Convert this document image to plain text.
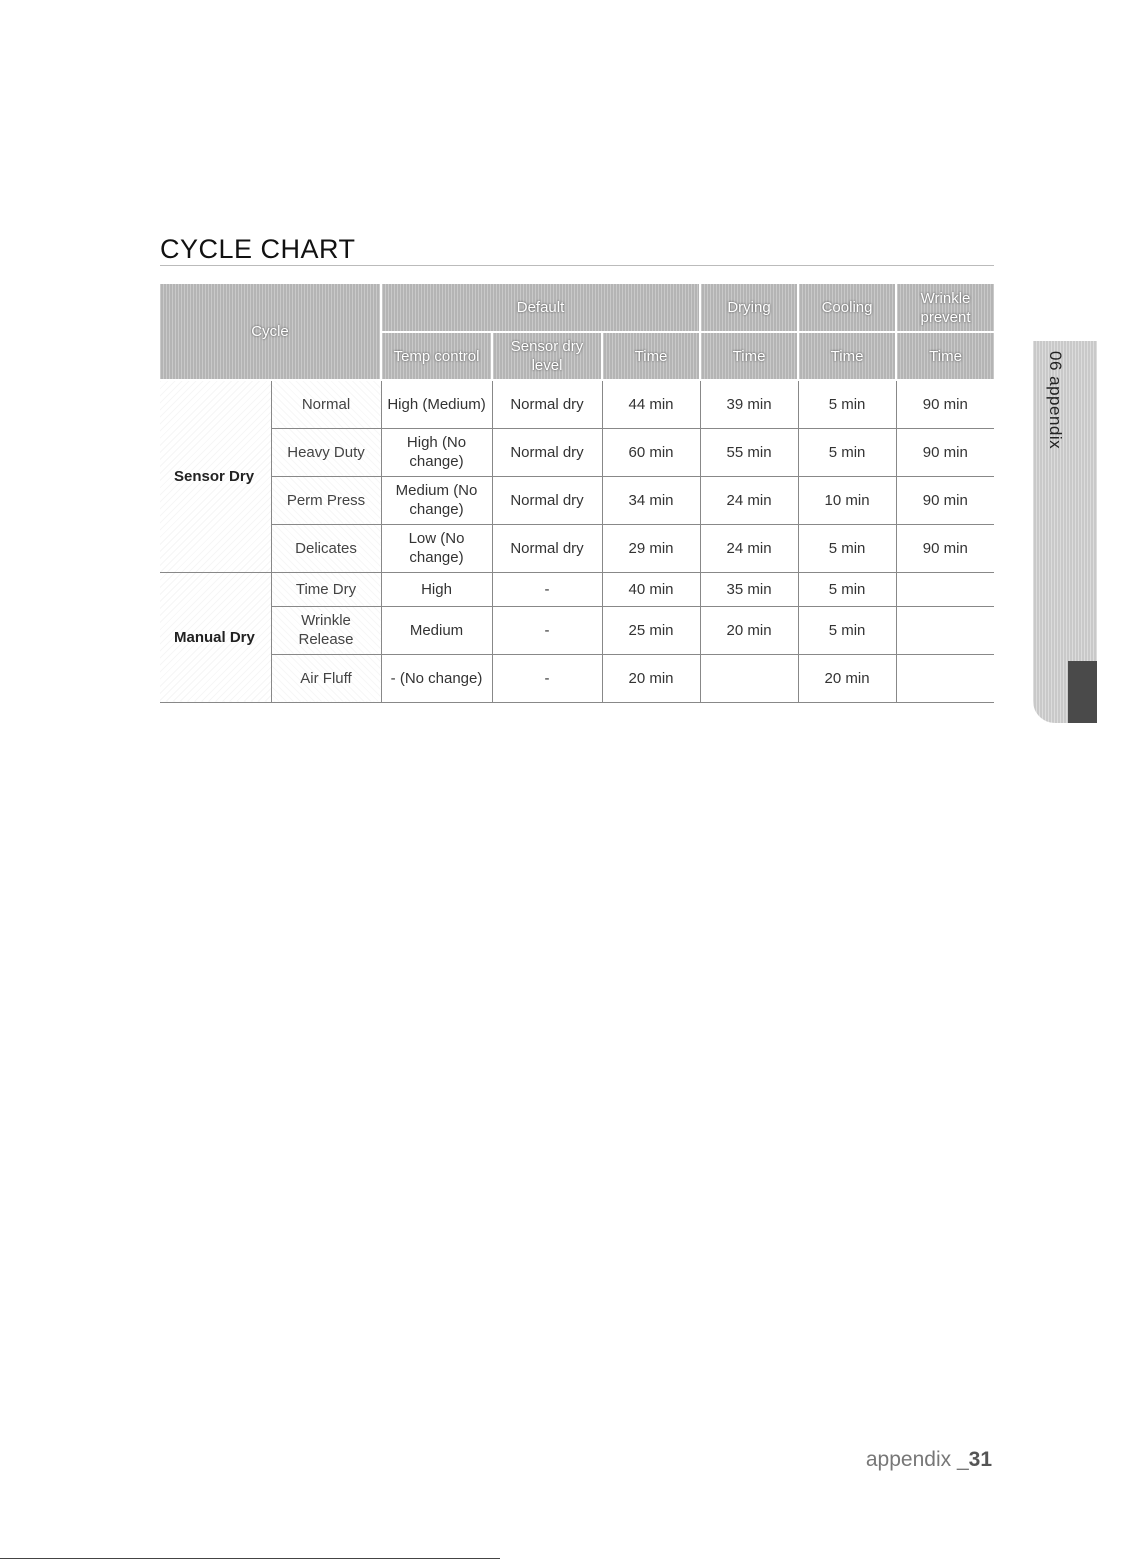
CYCLE CHART
Cycle		Default			Drying	Cooling	Wrinkle prevent
		Temp control	Sensor dry level	Time	Time	Time	Time
Sensor Dry	Normal	High (Medium)	Normal dry	44 min	39 min	5 min	90 min
	Heavy Duty	High (No change)	Normal dry	60 min	55 min	5 min	90 min
	Perm Press	Medium (No change)	Normal dry	34 min	24 min	10 min	90 min
	Delicates	Low (No change)	Normal dry	29 min	24 min	5 min	90 min
Manual Dry	Time Dry	High	-	40 min	35 min	5 min	
	Wrinkle Release	Medium	-	25 min	20 min	5 min	
	Air Fluff	- (No change)	-	20 min		20 min	
06 appendix
appendix _31
